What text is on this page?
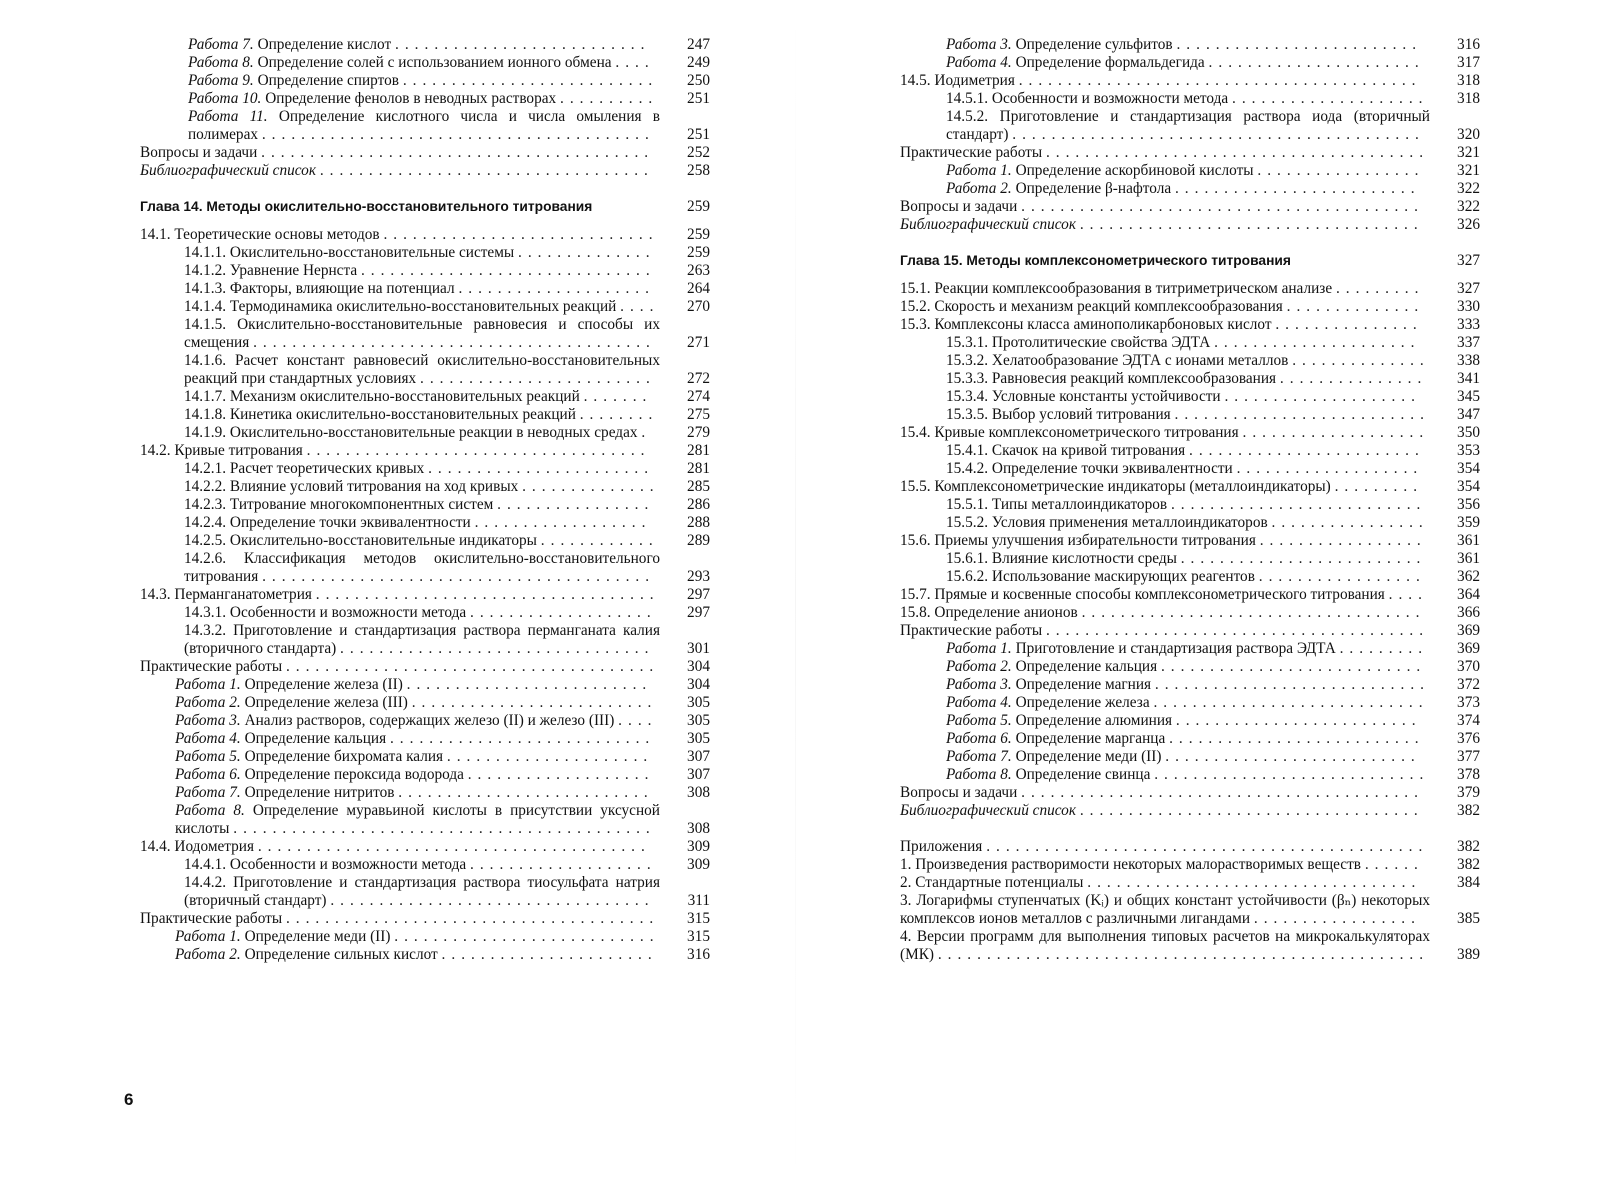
Работа 7. Определение кислот ..........................	247
Работа 8. Определение солей с использованием ионного обмена ....	249
Работа 9. Определение спиртов ..........................	250
Работа 10. Определение фенолов в неводных растворах ..........	251
Работа 11. Определение кислотного числа и числа омыления в полимерах ........................................	251
Вопросы и задачи ........................................	252
Библиографический список ..................................	258
Глава 14. Методы окислительно-восстановительного титрования	259
14.1. Теоретические основы методов ............................	259
14.1.1. Окислительно-восстановительные системы ..............	259
14.1.2. Уравнение Нернста ..............................	263
14.1.3. Факторы, влияющие на потенциал ....................	264
14.1.4. Термодинамика окислительно-восстановительных реакций ....	270
14.1.5. Окислительно-восстановительные равновесия и способы их смещения .........................................	271
14.1.6. Расчет констант равновесий окислительно-восстановительных реакций при стандартных условиях ........................	272
14.1.7. Механизм окислительно-восстановительных реакций .......	274
14.1.8. Кинетика окислительно-восстановительных реакций ........	275
14.1.9. Окислительно-восстановительные реакции в неводных средах .	279
14.2. Кривые титрования ...................................	281
14.2.1. Расчет теоретических кривых .......................	281
14.2.2. Влияние условий титрования на ход кривых ..............	285
14.2.3. Титрование многокомпонентных систем ................	286
14.2.4. Определение точки эквивалентности ..................	288
14.2.5. Окислительно-восстановительные индикаторы ............	289
14.2.6. Классификация методов окислительно-восстановительного титрования ........................................	293
14.3. Перманганатометрия ...................................	297
14.3.1. Особенности и возможности метода ...................	297
14.3.2. Приготовление и стандартизация раствора перманганата калия (вторичного стандарта) ................................	301
Практические работы ......................................	304
Работа 1. Определение железа (II) .........................	304
Работа 2. Определение железа (III) .........................	305
Работа 3. Анализ растворов, содержащих железо (II) и железо (III) ....	305
Работа 4. Определение кальция ...........................	305
Работа 5. Определение бихромата калия .....................	307
Работа 6. Определение пероксида водорода ...................	307
Работа 7. Определение нитритов ..........................	308
Работа 8. Определение муравьиной кислоты в присутствии уксусной кислоты ...........................................	308
14.4. Иодометрия ........................................	309
14.4.1. Особенности и возможности метода ...................	309
14.4.2. Приготовление и стандартизация раствора тиосульфата натрия (вторичный стандарт) .................................	311
Практические работы ......................................	315
Работа 1. Определение меди (II) ...........................	315
Работа 2. Определение сильных кислот ......................	316
Работа 3. Определение сульфитов .........................	316
Работа 4. Определение формальдегида ......................	317
14.5. Иодиметрия .........................................	318
14.5.1. Особенности и возможности метода ....................	318
14.5.2. Приготовление и стандартизация раствора иода (вторичный стандарт) ..........................................	320
Практические работы .......................................	321
Работа 1. Определение аскорбиновой кислоты .................	321
Работа 2. Определение β-нафтола .........................	322
Вопросы и задачи .........................................	322
Библиографический список ...................................	326
Глава 15. Методы комплексонометрического титрования	327
15.1. Реакции комплексообразования в титриметрическом анализе .........	327
15.2. Скорость и механизм реакций комплексообразования ..............	330
15.3. Комплексоны класса аминополикарбоновых кислот ...............	333
15.3.1. Протолитические свойства ЭДТА .....................	337
15.3.2. Хелатообразование ЭДТА с ионами металлов ..............	338
15.3.3. Равновесия реакций комплексообразования ...............	341
15.3.4. Условные константы устойчивости ....................	345
15.3.5. Выбор условий титрования ..........................	347
15.4. Кривые комплексонометрического титрования ...................	350
15.4.1. Скачок на кривой титрования ........................	353
15.4.2. Определение точки эквивалентности ...................	354
15.5. Комплексонометрические индикаторы (металлоиндикаторы) .........	354
15.5.1. Типы металлоиндикаторов ..........................	356
15.5.2. Условия применения металлоиндикаторов ................	359
15.6. Приемы улучшения избирательности титрования .................	361
15.6.1. Влияние кислотности среды .........................	361
15.6.2. Использование маскирующих реагентов .................	362
15.7. Прямые и косвенные способы комплексонометрического титрования ....	364
15.8. Определение анионов ...................................	366
Практические работы .......................................	369
Работа 1. Приготовление и стандартизация раствора ЭДТА .........	369
Работа 2. Определение кальция ...........................	370
Работа 3. Определение магния ............................	372
Работа 4. Определение железа ............................	373
Работа 5. Определение алюминия .........................	374
Работа 6. Определение марганца ..........................	376
Работа 7. Определение меди (II) ..........................	377
Работа 8. Определение свинца ............................	378
Вопросы и задачи .........................................	379
Библиографический список ...................................	382
Приложения .............................................	382
1. Произведения растворимости некоторых малорастворимых веществ ......	382
2. Стандартные потенциалы ..................................	384
3. Логарифмы ступенчатых (Kᵢ) и общих констант устойчивости (βₙ) некоторых комплексов ионов металлов с различными лигандами .................	385
4. Версии программ для выполнения типовых расчетов на микрокалькуляторах (МК) ..................................................	389
6
